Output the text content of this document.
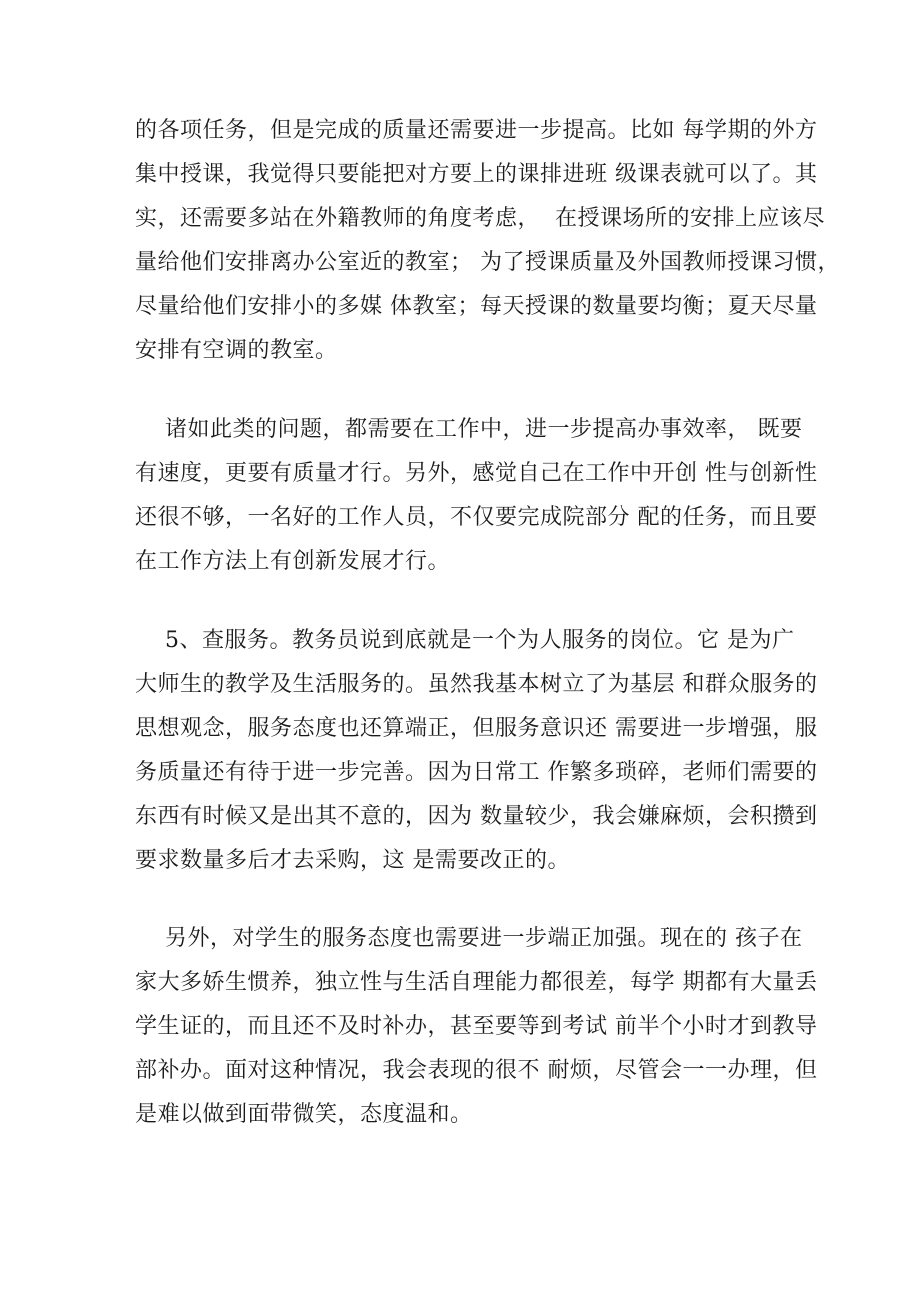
的各项任务，但是完成的质量还需要进一步提高。比如 每学期的外方
集中授课，我觉得只要能把对方要上的课排进班 级课表就可以了。其
实，还需要多站在外籍教师的角度考虑，  在授课场所的安排上应该尽
量给他们安排离办公室近的教室； 为了授课质量及外国教师授课习惯，
尽量给他们安排小的多媒 体教室；每天授课的数量要均衡；夏天尽量
安排有空调的教室。
诸如此类的问题，都需要在工作中，进一步提高办事效率， 既要
有速度，更要有质量才行。另外，感觉自己在工作中开创 性与创新性
还很不够，一名好的工作人员，不仅要完成院部分 配的任务，而且要
在工作方法上有创新发展才行。
5、查服务。教务员说到底就是一个为人服务的岗位。它 是为广
大师生的教学及生活服务的。虽然我基本树立了为基层 和群众服务的
思想观念，服务态度也还算端正，但服务意识还 需要进一步增强，服
务质量还有待于进一步完善。因为日常工 作繁多琐碎，老师们需要的
东西有时候又是出其不意的，因为 数量较少，我会嫌麻烦，会积攒到
要求数量多后才去采购，这 是需要改正的。
另外，对学生的服务态度也需要进一步端正加强。现在的 孩子在
家大多娇生惯养，独立性与生活自理能力都很差，每学 期都有大量丢
学生证的，而且还不及时补办，甚至要等到考试 前半个小时才到教导
部补办。面对这种情况，我会表现的很不 耐烦，尽管会一一办理，但
是难以做到面带微笑，态度温和。
